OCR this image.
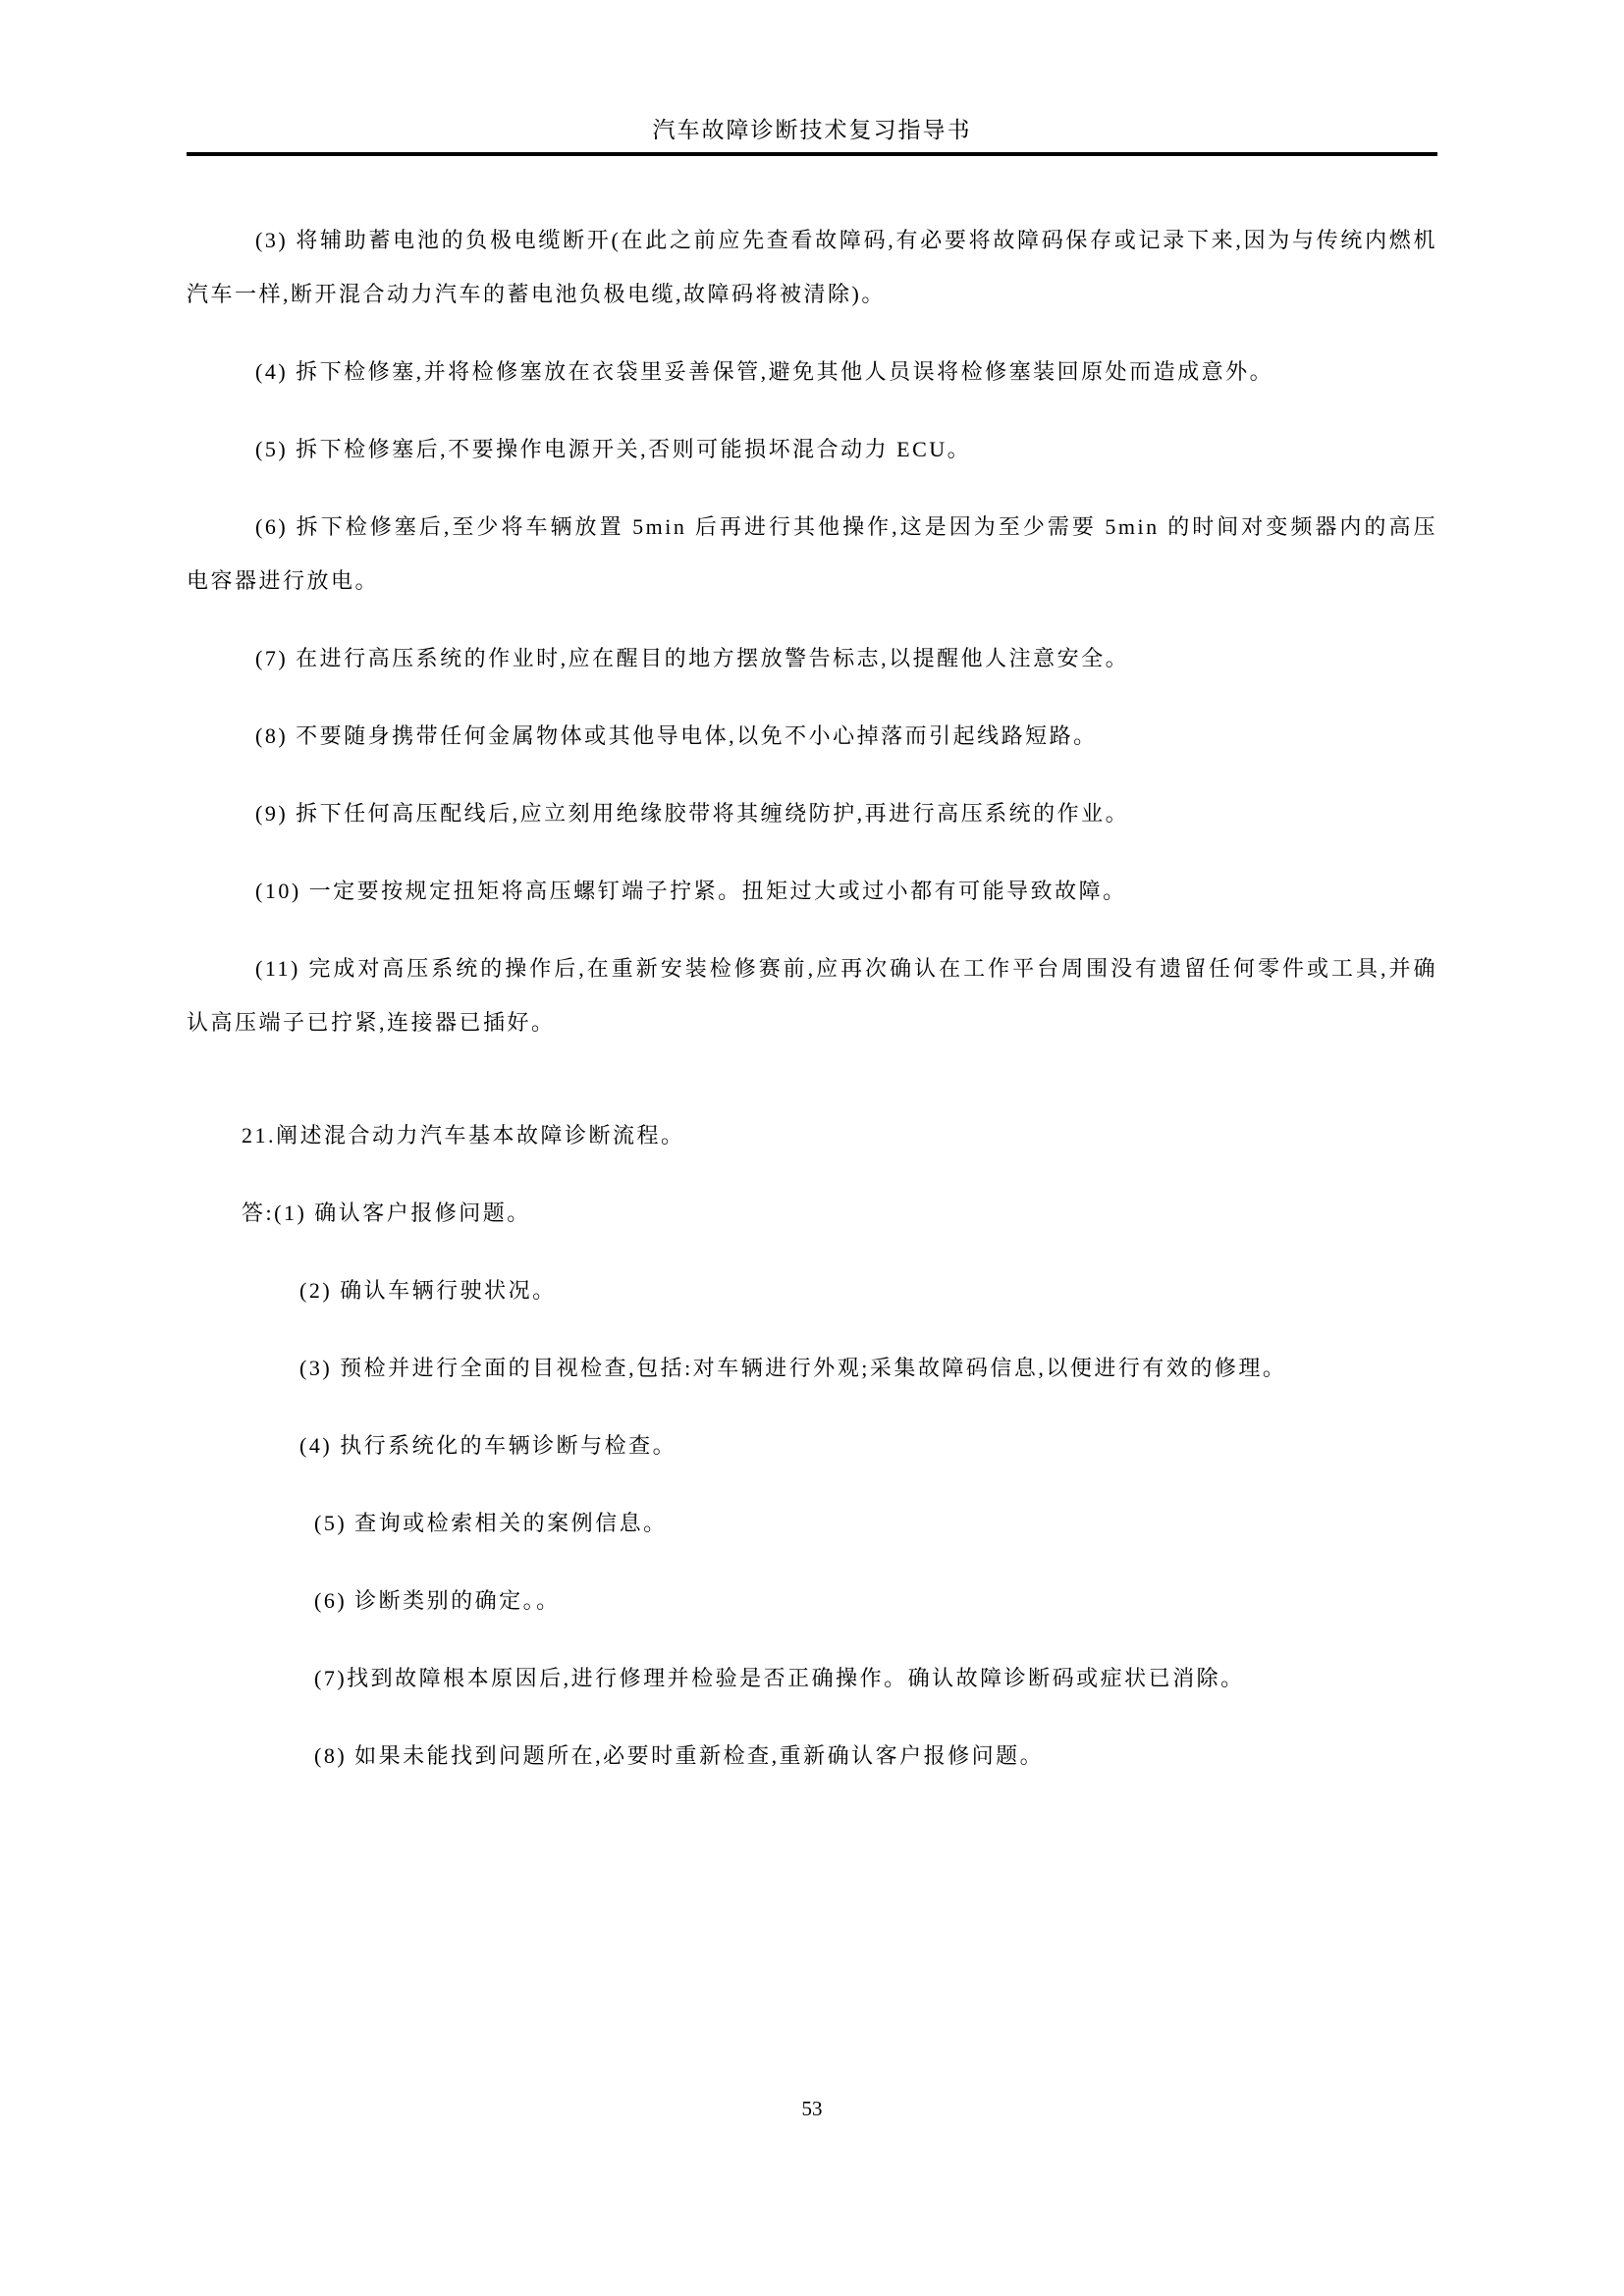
汽车故障诊断技术复习指导书

(3) 将辅助蓄电池的负极电缆断开(在此之前应先查看故障码,有必要将故障码保存或记录下来,因为与传统内燃机汽车一样,断开混合动力汽车的蓄电池负极电缆,故障码将被清除)。

(4) 拆下检修塞,并将检修塞放在衣袋里妥善保管,避免其他人员误将检修塞装回原处而造成意外。

(5) 拆下检修塞后,不要操作电源开关,否则可能损坏混合动力 ECU。

(6) 拆下检修塞后,至少将车辆放置 5min 后再进行其他操作,这是因为至少需要 5min 的时间对变频器内的高压电容器进行放电。

(7) 在进行高压系统的作业时,应在醒目的地方摆放警告标志,以提醒他人注意安全。

(8) 不要随身携带任何金属物体或其他导电体,以免不小心掉落而引起线路短路。

(9) 拆下任何高压配线后,应立刻用绝缘胶带将其缠绕防护,再进行高压系统的作业。

(10) 一定要按规定扭矩将高压螺钉端子拧紧。扭矩过大或过小都有可能导致故障。

(11) 完成对高压系统的操作后,在重新安装检修赛前,应再次确认在工作平台周围没有遗留任何零件或工具,并确认高压端子已拧紧,连接器已插好。

21.阐述混合动力汽车基本故障诊断流程。

答:(1) 确认客户报修问题。

(2) 确认车辆行驶状况。

(3) 预检并进行全面的目视检查,包括:对车辆进行外观;采集故障码信息,以便进行有效的修理。

(4) 执行系统化的车辆诊断与检查。

(5) 查询或检索相关的案例信息。

(6) 诊断类别的确定。。

(7)找到故障根本原因后,进行修理并检验是否正确操作。确认故障诊断码或症状已消除。

(8) 如果未能找到问题所在,必要时重新检查,重新确认客户报修问题。

53
